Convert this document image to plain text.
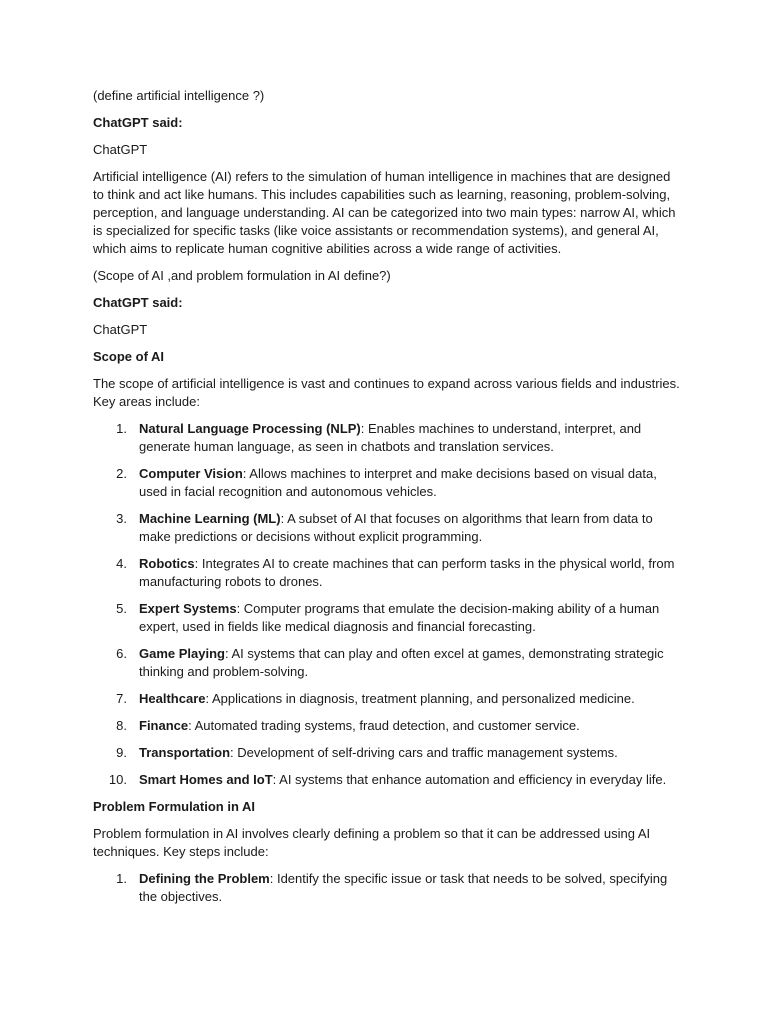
(define artificial intelligence ?)

ChatGPT said:

ChatGPT

Artificial intelligence (AI) refers to the simulation of human intelligence in machines that are designed to think and act like humans. This includes capabilities such as learning, reasoning, problem-solving, perception, and language understanding. AI can be categorized into two main types: narrow AI, which is specialized for specific tasks (like voice assistants or recommendation systems), and general AI, which aims to replicate human cognitive abilities across a wide range of activities.

(Scope of AI ,and problem formulation in AI define?)

ChatGPT said:

ChatGPT

Scope of AI

The scope of artificial intelligence is vast and continues to expand across various fields and industries. Key areas include:

1. Natural Language Processing (NLP): Enables machines to understand, interpret, and generate human language, as seen in chatbots and translation services.
2. Computer Vision: Allows machines to interpret and make decisions based on visual data, used in facial recognition and autonomous vehicles.
3. Machine Learning (ML): A subset of AI that focuses on algorithms that learn from data to make predictions or decisions without explicit programming.
4. Robotics: Integrates AI to create machines that can perform tasks in the physical world, from manufacturing robots to drones.
5. Expert Systems: Computer programs that emulate the decision-making ability of a human expert, used in fields like medical diagnosis and financial forecasting.
6. Game Playing: AI systems that can play and often excel at games, demonstrating strategic thinking and problem-solving.
7. Healthcare: Applications in diagnosis, treatment planning, and personalized medicine.
8. Finance: Automated trading systems, fraud detection, and customer service.
9. Transportation: Development of self-driving cars and traffic management systems.
10. Smart Homes and IoT: AI systems that enhance automation and efficiency in everyday life.

Problem Formulation in AI

Problem formulation in AI involves clearly defining a problem so that it can be addressed using AI techniques. Key steps include:

1. Defining the Problem: Identify the specific issue or task that needs to be solved, specifying the objectives.
